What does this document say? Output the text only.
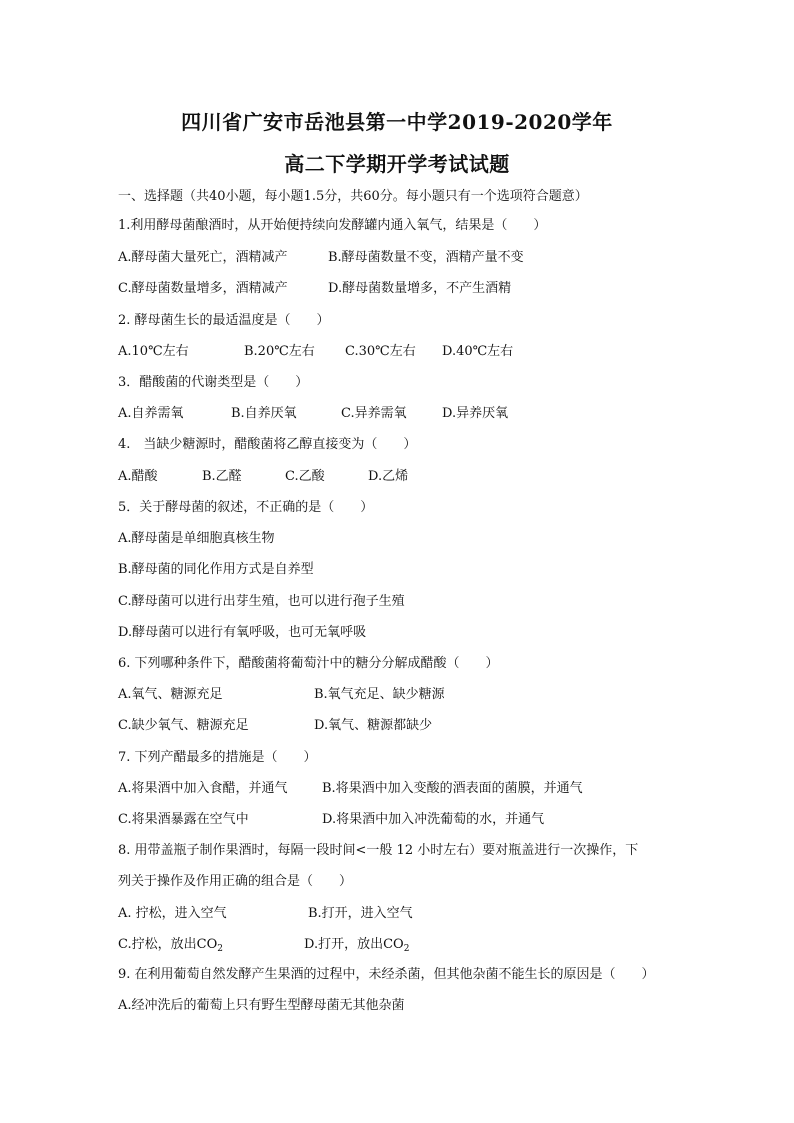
四川省广安市岳池县第一中学2019-2020学年
高二下学期开学考试试题
一、选择题（共40小题，每小题1.5分，共60分。每小题只有一个选项符合题意）
1.利用酵母菌酿酒时，从开始便持续向发酵罐内通入氧气，结果是（　　）
A.酵母菌大量死亡，酒精减产	B.酵母菌数量不变，酒精产量不变
C.酵母菌数量增多，酒精减产	D.酵母菌数量增多，不产生酒精
2. 酵母菌生长的最适温度是（　　）
A.10℃左右	B.20℃左右 C.30℃左右 D.40℃左右
3．醋酸菌的代谢类型是（　　）
A.自养需氧	B.自养厌氧	C.异养需氧	D.异养厌氧
4.　当缺少糖源时，醋酸菌将乙醇直接变为（　　）
A.醋酸	B.乙醛	C.乙酸	D.乙烯
5．关于酵母菌的叙述，不正确的是（　　）
A.酵母菌是单细胞真核生物
B.酵母菌的同化作用方式是自养型
C.酵母菌可以进行出芽生殖，也可以进行孢子生殖
D.酵母菌可以进行有氧呼吸，也可无氧呼吸
6. 下列哪种条件下，醋酸菌将葡萄汁中的糖分分解成醋酸（　　）
A.氧气、糖源充足	B.氧气充足、缺少糖源
C.缺少氧气、糖源充足	D.氧气、糖源都缺少
7. 下列产醋最多的措施是（　　）
A.将果酒中加入食醋，并通气	B.将果酒中加入变酸的酒表面的菌膜，并通气
C.将果酒暴露在空气中	D.将果酒中加入冲洗葡萄的水，并通气
8. 用带盖瓶子制作果酒时，每隔一段时间<一般 12 小时左右）要对瓶盖进行一次操作，下
列关于操作及作用正确的组合是（　　）
A. 拧松，进入空气	B.打开，进入空气
C.拧松，放出$CO_2$	D.打开，放出$CO_2$
9. 在利用葡萄自然发酵产生果酒的过程中，未经杀菌，但其他杂菌不能生长的原因是（　　）
A.经冲洗后的葡萄上只有野生型酵母菌无其他杂菌
